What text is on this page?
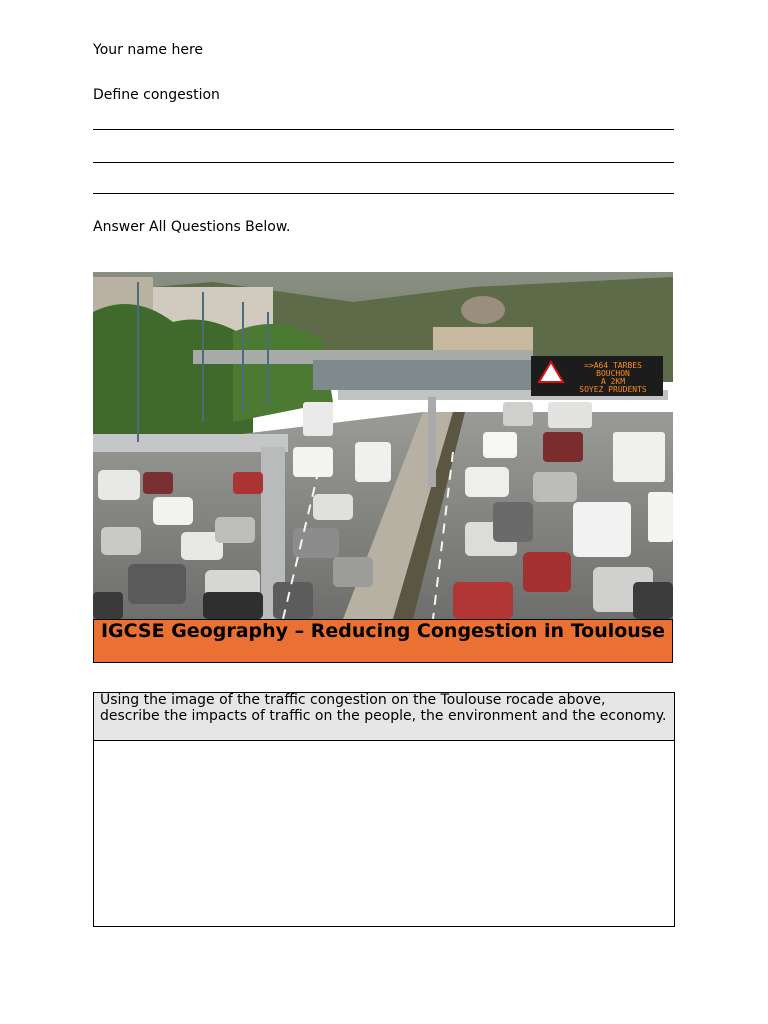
Your name here
Define congestion
Answer All Questions Below.
=>A64 TARBES
BOUCHON
A 2KM
SOYEZ PRUDENTS
IGCSE Geography – Reducing Congestion in Toulouse
Using the image of the traffic congestion on the Toulouse rocade above, describe the impacts of traffic on the people, the environment and the economy.
